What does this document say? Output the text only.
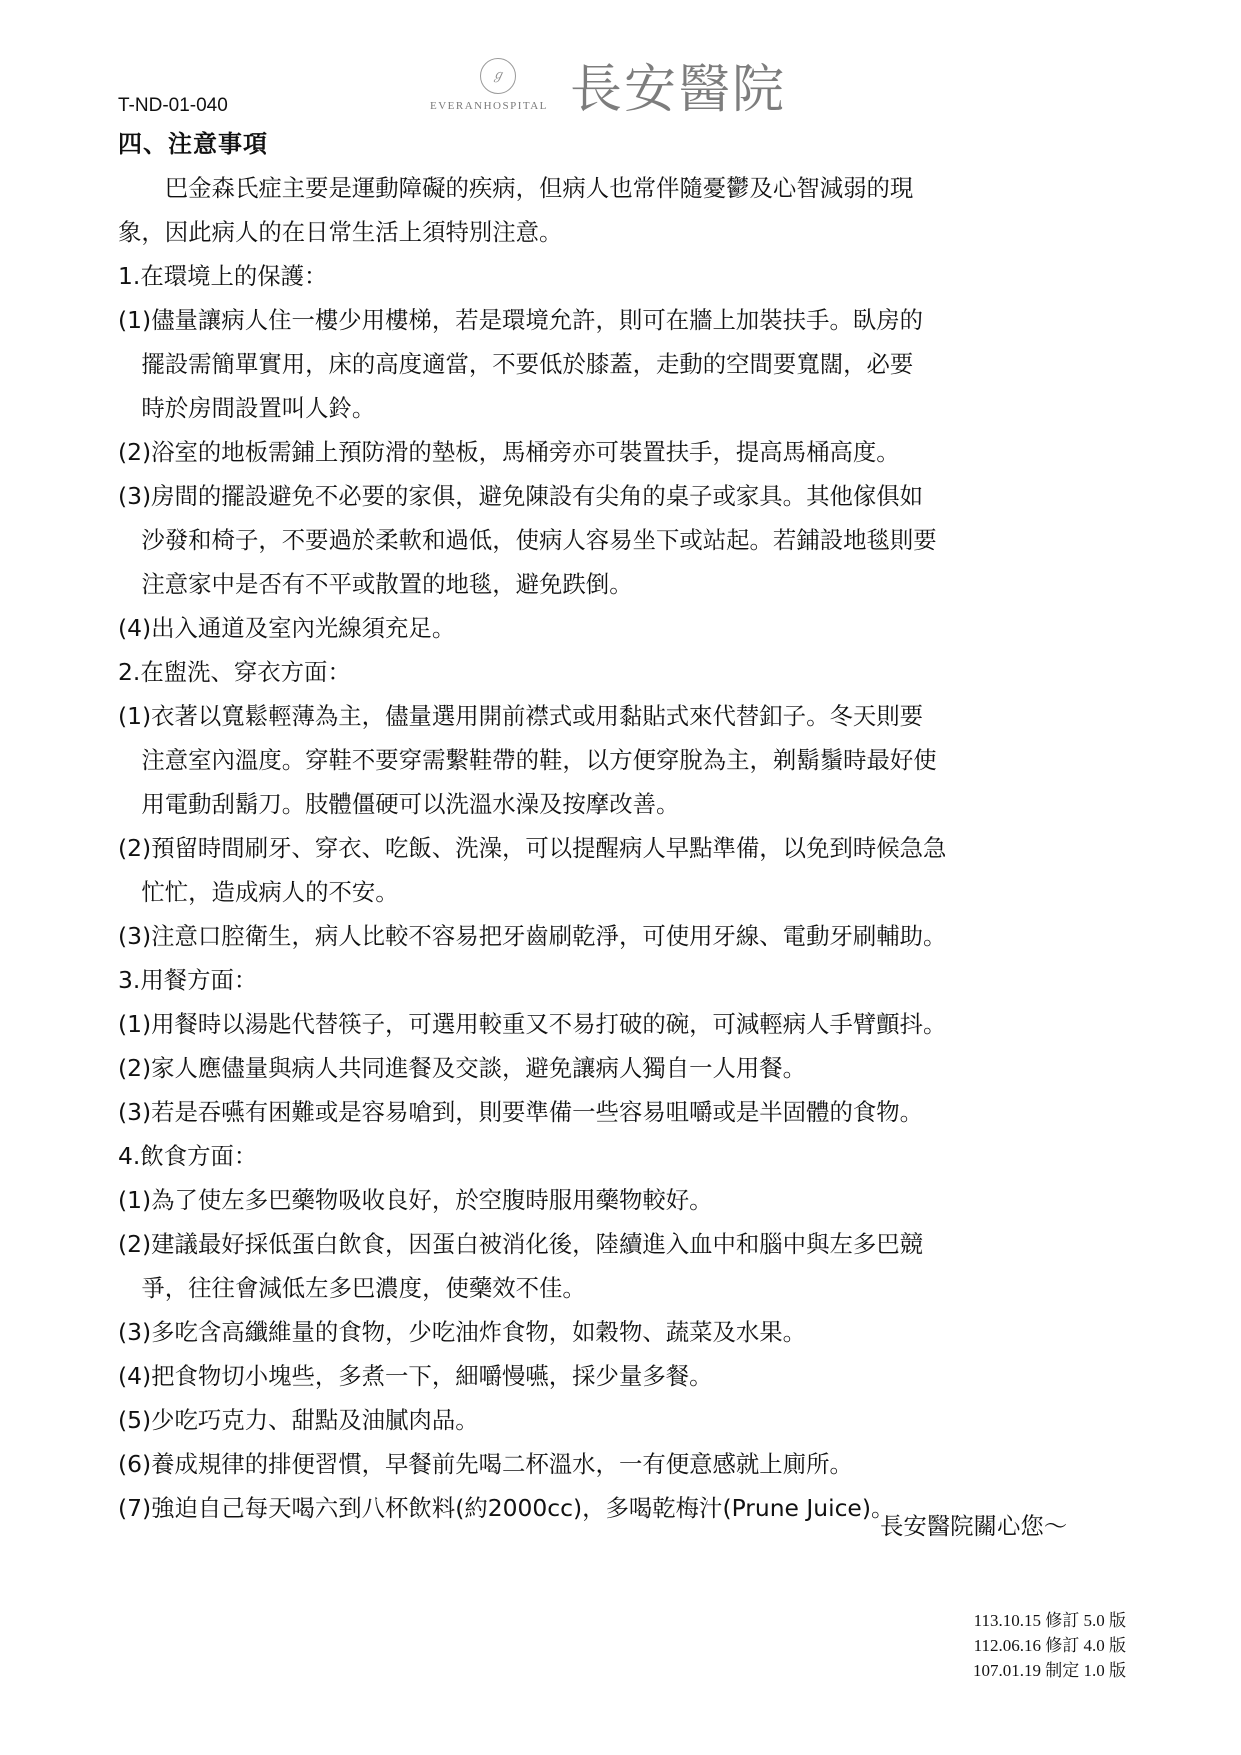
T-ND-01-040
ℊ
EVERANHOSPITAL 長安醫院
四、注意事項

　　巴金森氏症主要是運動障礙的疾病，但病人也常伴隨憂鬱及心智減弱的現

象，因此病人的在日常生活上須特別注意。

1.在環境上的保護：

(1)儘量讓病人住一樓少用樓梯，若是環境允許，則可在牆上加裝扶手。臥房的

　擺設需簡單實用，床的高度適當，不要低於膝蓋，走動的空間要寬闊，必要

　時於房間設置叫人鈴。

(2)浴室的地板需鋪上預防滑的墊板，馬桶旁亦可裝置扶手，提高馬桶高度。

(3)房間的擺設避免不必要的家俱，避免陳設有尖角的桌子或家具。其他傢俱如

　沙發和椅子，不要過於柔軟和過低，使病人容易坐下或站起。若鋪設地毯則要

　注意家中是否有不平或散置的地毯，避免跌倒。

(4)出入通道及室內光線須充足。

2.在盥洗、穿衣方面：

(1)衣著以寬鬆輕薄為主，儘量選用開前襟式或用黏貼式來代替釦子。冬天則要

　注意室內溫度。穿鞋不要穿需繫鞋帶的鞋，以方便穿脫為主，剃鬍鬚時最好使

　用電動刮鬍刀。肢體僵硬可以洗溫水澡及按摩改善。

(2)預留時間刷牙、穿衣、吃飯、洗澡，可以提醒病人早點準備，以免到時候急急

　忙忙，造成病人的不安。

(3)注意口腔衛生，病人比較不容易把牙齒刷乾淨，可使用牙線、電動牙刷輔助。

3.用餐方面：

(1)用餐時以湯匙代替筷子，可選用較重又不易打破的碗，可減輕病人手臂顫抖。

(2)家人應儘量與病人共同進餐及交談，避免讓病人獨自一人用餐。

(3)若是吞嚥有困難或是容易嗆到，則要準備一些容易咀嚼或是半固體的食物。

4.飲食方面：

(1)為了使左多巴藥物吸收良好，於空腹時服用藥物較好。

(2)建議最好採低蛋白飲食，因蛋白被消化後，陸續進入血中和腦中與左多巴競

　爭，往往會減低左多巴濃度，使藥效不佳。

(3)多吃含高纖維量的食物，少吃油炸食物，如穀物、蔬菜及水果。

(4)把食物切小塊些，多煮一下，細嚼慢嚥，採少量多餐。

(5)少吃巧克力、甜點及油膩肉品。

(6)養成規律的排便習慣，早餐前先喝二杯溫水，一有便意感就上廁所。

(7)強迫自己每天喝六到八杯飲料(約2000cc)，多喝乾梅汁(Prune Juice)。

長安醫院關心您～
113.10.15 修訂 5.0 版
112.06.16 修訂 4.0 版
107.01.19 制定 1.0 版
